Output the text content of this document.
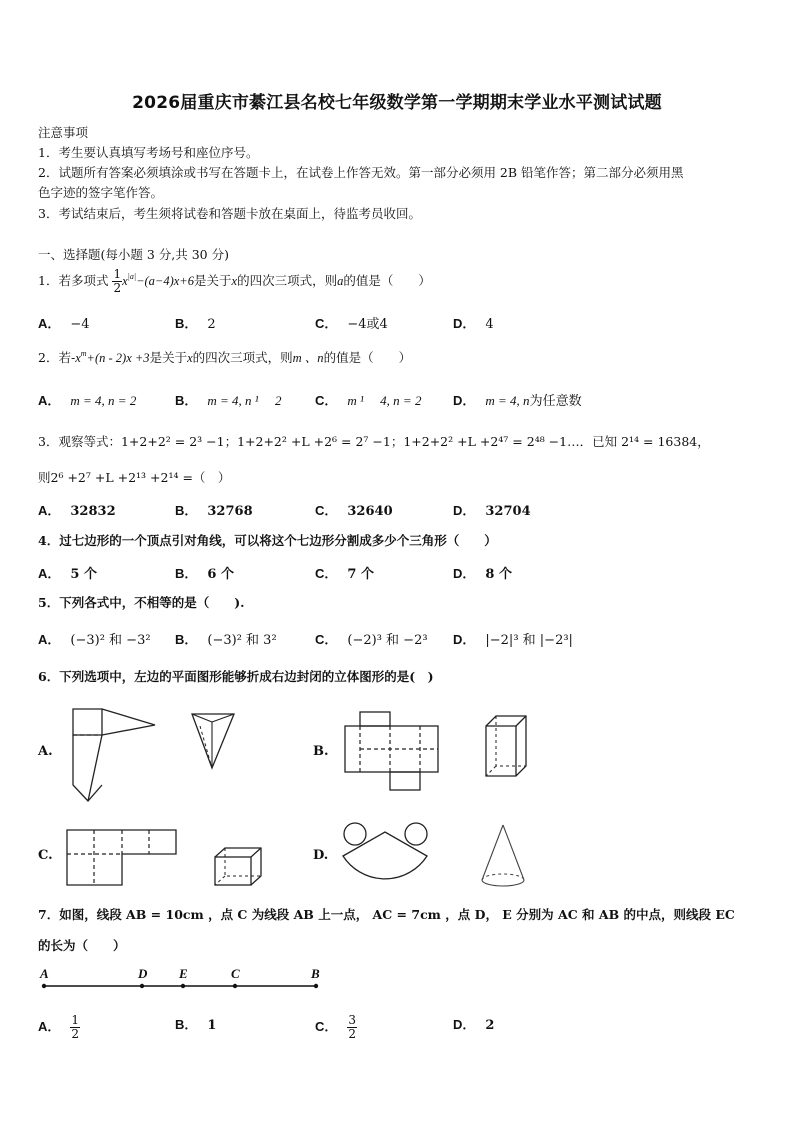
2026届重庆市綦江县名校七年级数学第一学期期末学业水平测试试题
注意事项
1．考生要认真填写考场号和座位序号。
2．试题所有答案必须填涂或书写在答题卡上，在试卷上作答无效。第一部分必须用 2B 铅笔作答；第二部分必须用黑
色字迹的签字笔作答。
3．考试结束后，考生须将试卷和答题卡放在桌面上，待监考员收回。
一、选择题(每小题 3 分,共 30 分)
1．若多项式 $\frac{1}{2} x^{|a|}-(a-4)x+6$是关于x的四次三项式，则a的值是（　　）
A． −4	B． 2	C． −4或4	D． 4
2．若$-x^m+(n - 2)x +3$是关于x的四次三项式，则m 、n的值是（　　）
A． m = 4, n = 2	B． m = 4, n ¹ 　2	C． m ¹ 　4, n = 2 D． m = 4, n为任意数
3．观察等式：1+2+2² = 2³ −1；1+2+2² +L +2⁶ = 2⁷ −1；1+2+2² +L +2⁴⁷ = 2⁴⁸ −1…．已知 2¹⁴ = 16384，
则2⁶ +2⁷ +L +2¹³ +2¹⁴ =（　）
A． 32832	B． 32768	C． 32640	D． 32704
4．过七边形的一个顶点引对角线，可以将这个七边形分割成多少个三角形（　　）
A． 5 个	B． 6 个	C． 7 个	D． 8 个
5．下列各式中，不相等的是（　　).
A． (−3)² 和 −3² B． (−3)² 和 3²	C． (−2)³ 和 −2³ D． |−2|³ 和 |−2³|
6．下列选项中，左边的平面图形能够折成右边封闭的立体图形的是(　)
A.	B.
C.	D.
7．如图，线段 AB = 10cm ，点 C 为线段 AB 上一点， AC = 7cm ，点 D， E 分别为 AC 和 AB 的中点，则线段 EC
的长为（　　）
A	D E	C	B
A． $\frac{1}{2}$	B． 1	C． $\frac{3}{2}$	D． 2
